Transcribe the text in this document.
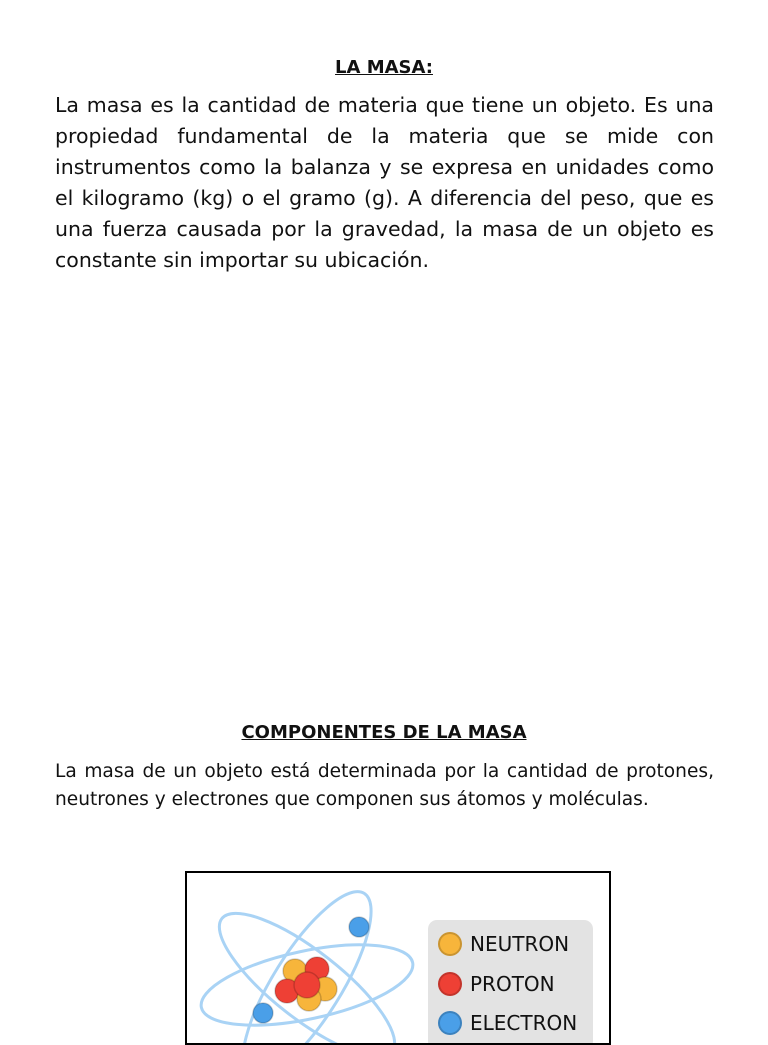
LA MASA:

La masa es la cantidad de materia que tiene un objeto. Es una propiedad fundamental de la materia que se mide con instrumentos como la balanza y se expresa en unidades como el kilogramo (kg) o el gramo (g). A diferencia del peso, que es una fuerza causada por la gravedad, la masa de un objeto es constante sin importar su ubicación.

COMPONENTES DE LA MASA

La masa de un objeto está determinada por la cantidad de protones, neutrones y electrones que componen sus átomos y moléculas.

NEUTRON
PROTON
ELECTRON
